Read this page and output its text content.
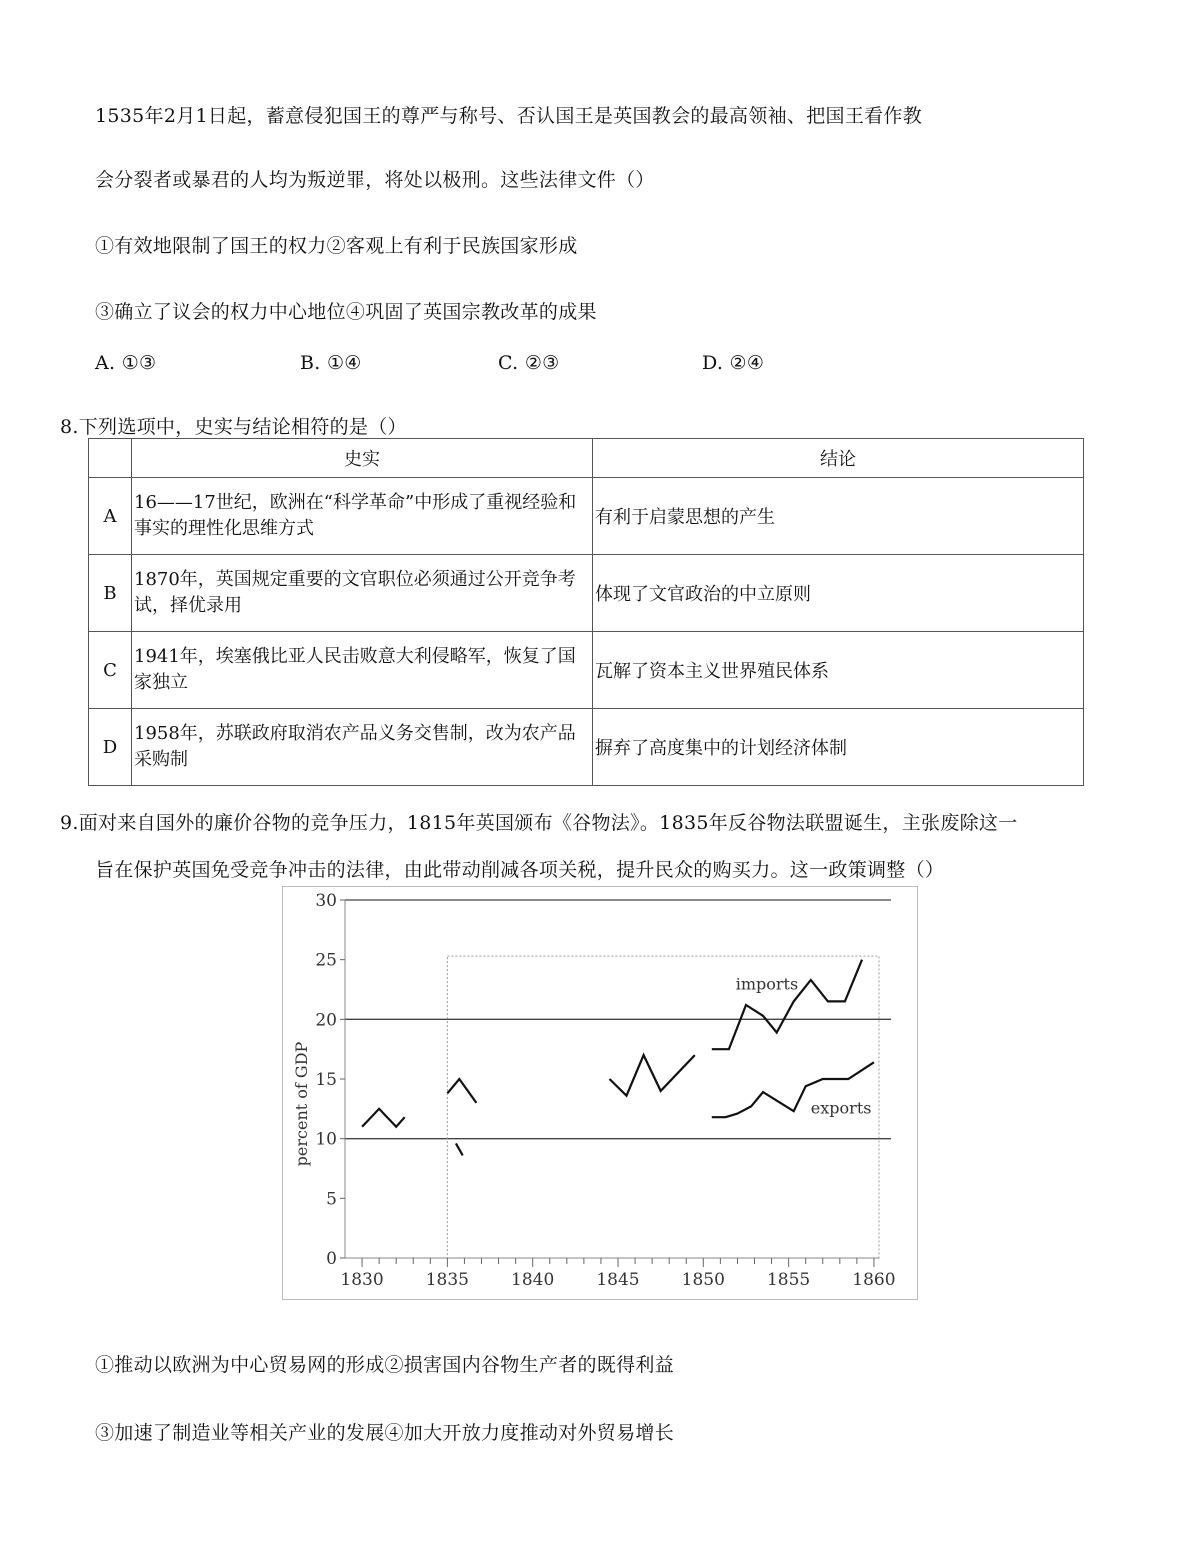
1535年2月1日起，蓄意侵犯国王的尊严与称号、否认国王是英国教会的最高领袖、把国王看作教
会分裂者或暴君的人均为叛逆罪，将处以极刑。这些法律文件（）
①有效地限制了国王的权力②客观上有利于民族国家形成
③确立了议会的权力中心地位④巩固了英国宗教改革的成果
A. ①③	B. ①④	C. ②③	D. ②④
8.下列选项中，史实与结论相符的是（）
	史实	结论
A	16——17世纪，欧洲在“科学革命”中形成了重视经验和事实的理性化思维方式	有利于启蒙思想的产生
B	1870年，英国规定重要的文官职位必须通过公开竞争考试，择优录用	体现了文官政治的中立原则
C	1941年，埃塞俄比亚人民击败意大利侵略军，恢复了国家独立	瓦解了资本主义世界殖民体系
D	1958年，苏联政府取消农产品义务交售制，改为农产品采购制	摒弃了高度集中的计划经济体制
9.面对来自国外的廉价谷物的竞争压力，1815年英国颁布《谷物法》。1835年反谷物法联盟诞生，主张废除这一
旨在保护英国免受竞争冲击的法律，由此带动削减各项关税，提升民众的购买力。这一政策调整（）
0
5
10
15
20
25
30
1830 1835 1840 1845 1850 1855 1860
percent of GDP
imports
exports
①推动以欧洲为中心贸易网的形成②损害国内谷物生产者的既得利益
③加速了制造业等相关产业的发展④加大开放力度推动对外贸易增长
